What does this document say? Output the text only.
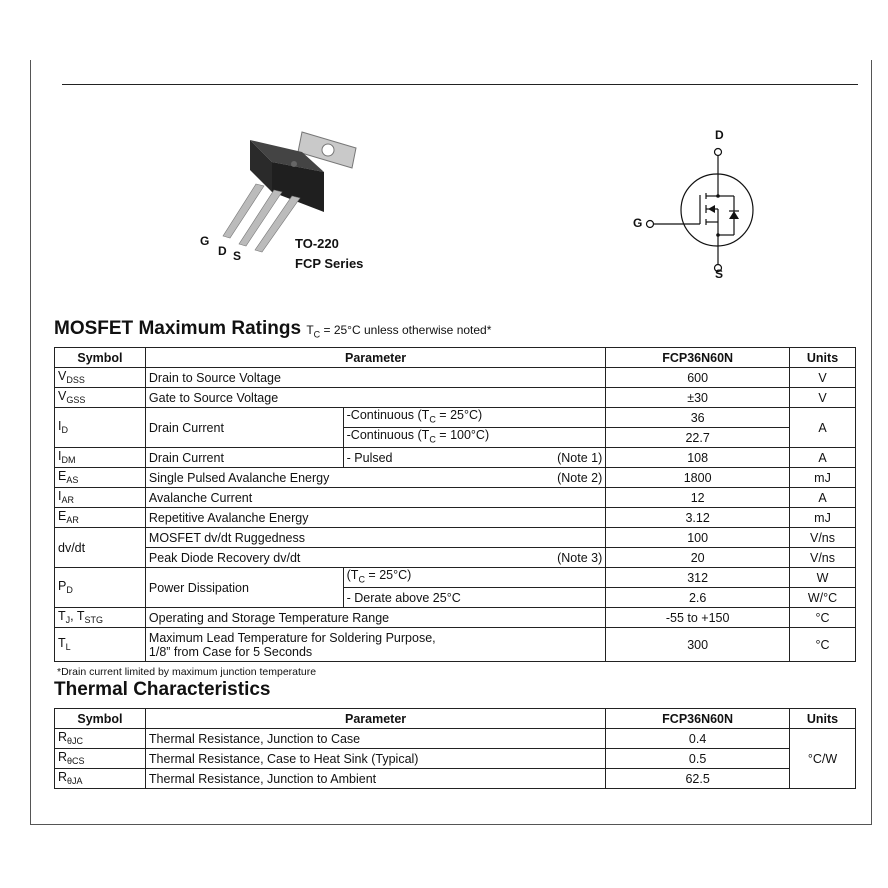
G
D S
TO-220
FCP Series
D
G
S
MOSFET Maximum Ratings $T_C = 25^\circ C$ unless otherwise noted*
Symbol	Parameter		FCP36N60N	Units
$V_{DSS}$	Drain to Source Voltage		600	V
$V_{GSS}$	Gate to Source Voltage		±30	V
$I_D$	Drain Current	-Continuous $(T_C = 25^\circ C)$	36	A
		-Continuous $(T_C = 100^\circ C)$	22.7	
$I_{DM}$	Drain Current	- Pulsed (Note 1)	108	A
$E_{AS}$	Single Pulsed Avalanche Energy (Note 2)		1800	mJ
$I_{AR}$	Avalanche Current		12	A
$E_{AR}$	Repetitive Avalanche Energy		3.12	mJ
dv/dt	MOSFET dv/dt Ruggedness		100	V/ns
	Peak Diode Recovery dv/dt (Note 3)		20	V/ns
$P_D$	Power Dissipation	$(T_C = 25^\circ C)$	312	W
		- Derate above 25°C	2.6	W/°C
$T_J$, $T_{STG}$	Operating and Storage Temperature Range		-55 to +150	°C
$T_L$	Maximum Lead Temperature for Soldering Purpose,
1/8” from Case for 5 Seconds		300	°C
*Drain current limited by maximum junction temperature
Thermal Characteristics
Symbol	Parameter	FCP36N60N	Units
$R_{\theta JC}$	Thermal Resistance, Junction to Case	0.4	°C/W
$R_{\theta CS}$	Thermal Resistance, Case to Heat Sink (Typical)	0.5	
$R_{\theta JA}$	Thermal Resistance, Junction to Ambient	62.5	
